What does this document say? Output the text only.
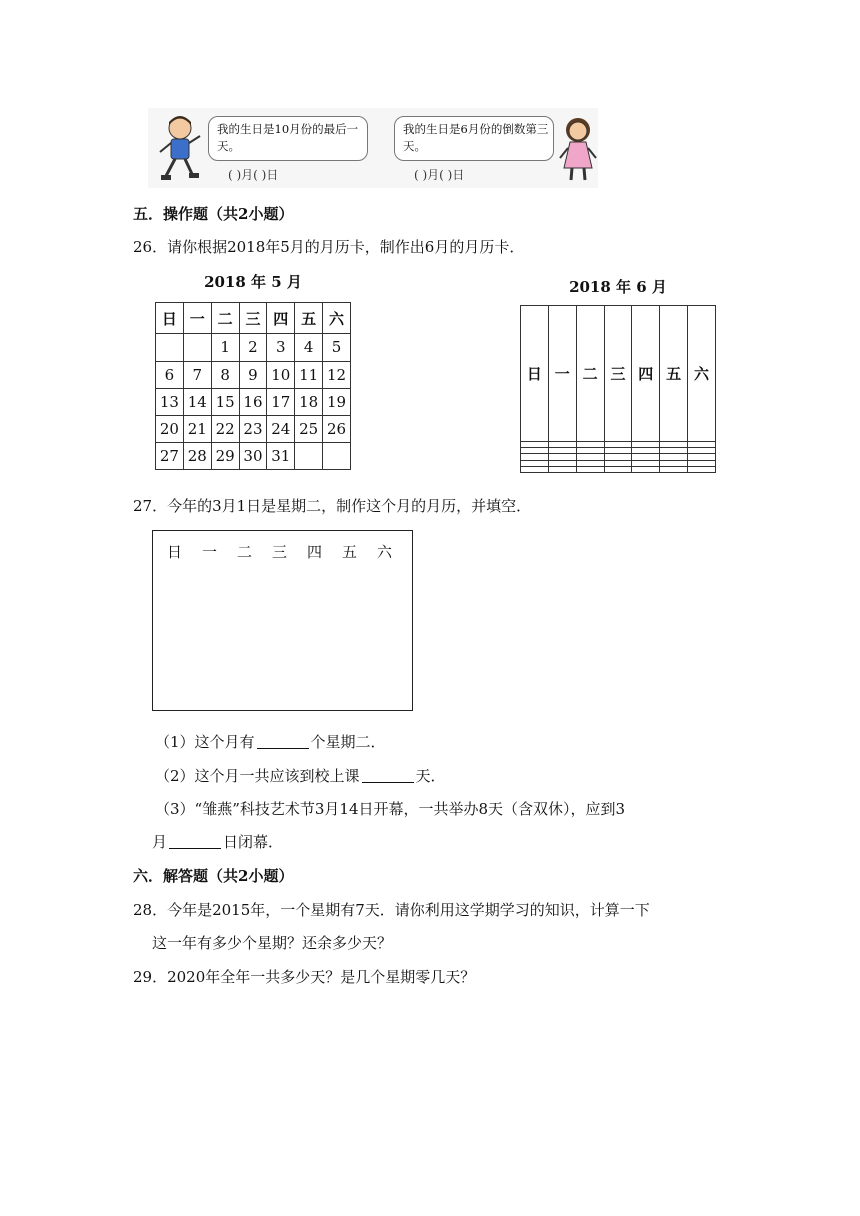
我的生日是10月份的最后一天。
( )月( )日
我的生日是6月份的倒数第三天。
( )月( )日
五．操作题（共2小题）
26．请你根据2018年5月的月历卡，制作出6月的月历卡．
2018 年 5 月
日	一	二	三	四	五	六
		1	2	3	4	5
6	7	8	9	10	11	12
13	14	15	16	17	18	19
20	21	22	23	24	25	26
27	28	29	30	31		
2018 年 6 月
日	一	二	三	四	五	六

27．今年的3月1日是星期二，制作这个月的月历，并填空．
日 一 二 三 四 五 六
（1）这个月有	个星期二．
（2）这个月一共应该到校上课	天．
（3）“雏燕”科技艺术节3月14日开幕，一共举办8天（含双休），应到3
月	日闭幕．
六．解答题（共2小题）
28．今年是2015年，一个星期有7天．请你利用这学期学习的知识，计算一下
这一年有多少个星期？还余多少天？
29．2020年全年一共多少天？是几个星期零几天？
